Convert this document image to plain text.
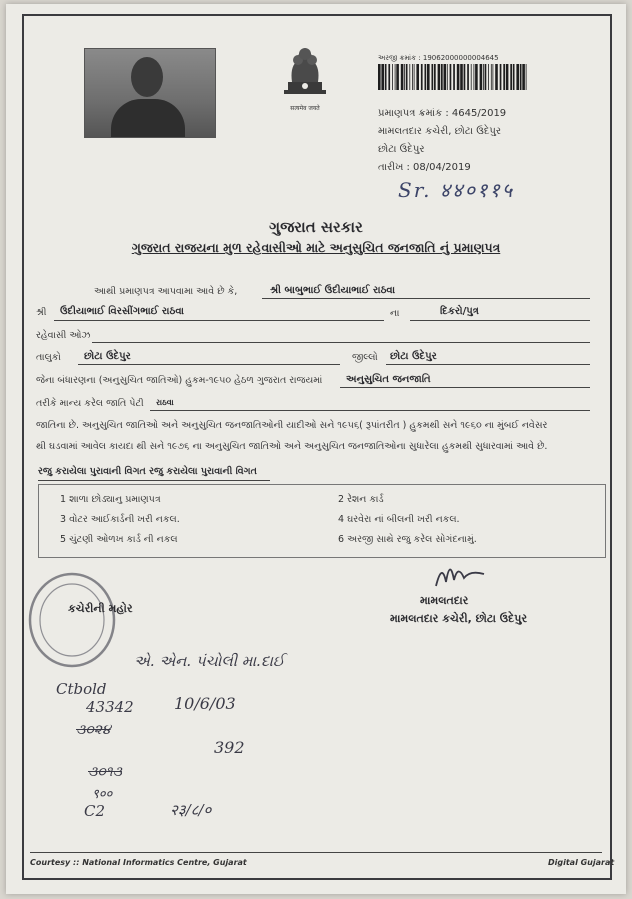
सत्यमेव जयते
અરજી ક્રમાંક : 19062000000004645
પ્રમાણપત્ર ક્રમાંક : 4645/2019
મામલતદાર કચેરી, છોટા ઉદેપુર
છોટા ઉદેપુર
તારીખ : 08/04/2019
Sr. ४४०११५
ગુજરાત સરકાર
ગુજરાત રાજયના મુળ રહેવાસીઓ માટે અનુસુચિત જનજાતિ નું પ્રમાણપત્ર
આથી પ્રમાણપત્ર આપવામા આવે છે કે,	શ્રી બાબુભાઈ ઉદીયાભાઈ રાઠવા
શ્રી ઉદીયાભાઈ વિરસીંગભાઈ રાઠવા	ના	દિકરો/પુત્ર
રહેવાસી ઓઝ
તાલુકો છોટા ઉદેપુર	જીલ્લો છોટા ઉદેપુર
જેના બંધારણના (અનુસુચિત જાતિઓ) હુકમ-૧૯૫૦ હેઠળ ગુજરાત રાજયમાં અનુસુચિત જનજાતિ
તરીકે માન્ય કરેલ જાતિ પેટી રાઠવા
જાતિના છે. અનુસુચિત જાતિઓ અને અનુસુચિત જનજાતિઓની યાદીઓ સને ૧૯૫૬( રૂપાંતરીત ) હુકમથી સને ૧૯૬૦ ના મુંબઈ નવેસર
થી ઘડવામાં આવેલ કાયદા થી સને ૧૯૭૬ ના અનુસુચિત જાતિઓ અને અનુસુચિત જનજાતિઓના સુધારેલા હુકમથી સુધારવામાં આવે છે.
રજુ કરાયેલા પુરાવાની વિગત રજુ કરાયેલા પુરાવાની વિગત
1 શાળા છોડ્યાનુ પ્રમાણપત્ર	2 રેશન કાર્ડ
3 વોટર આઈકાર્ડની ખરી નકલ.	4 ઘરવેરા નાં બીલની ખરી નકલ.
5 ચુંટણી ઓળખ કાર્ડ ની નકલ	6 અરજી સાથે રજુ કરેલ સોગંદનામું.
મામલતદાર
મામલતદાર કચેરી, છોટા ઉદેપુર
કચેરીની મહોર
એ. એન. પંચોલી મા.દાઈ
Ctbold
43342	10/6/03
૩૦૨૪
392
૩૦૧૩
९००
C2	२३/८/०
Courtesy :: National Informatics Centre, Gujarat	Digital Gujarat
